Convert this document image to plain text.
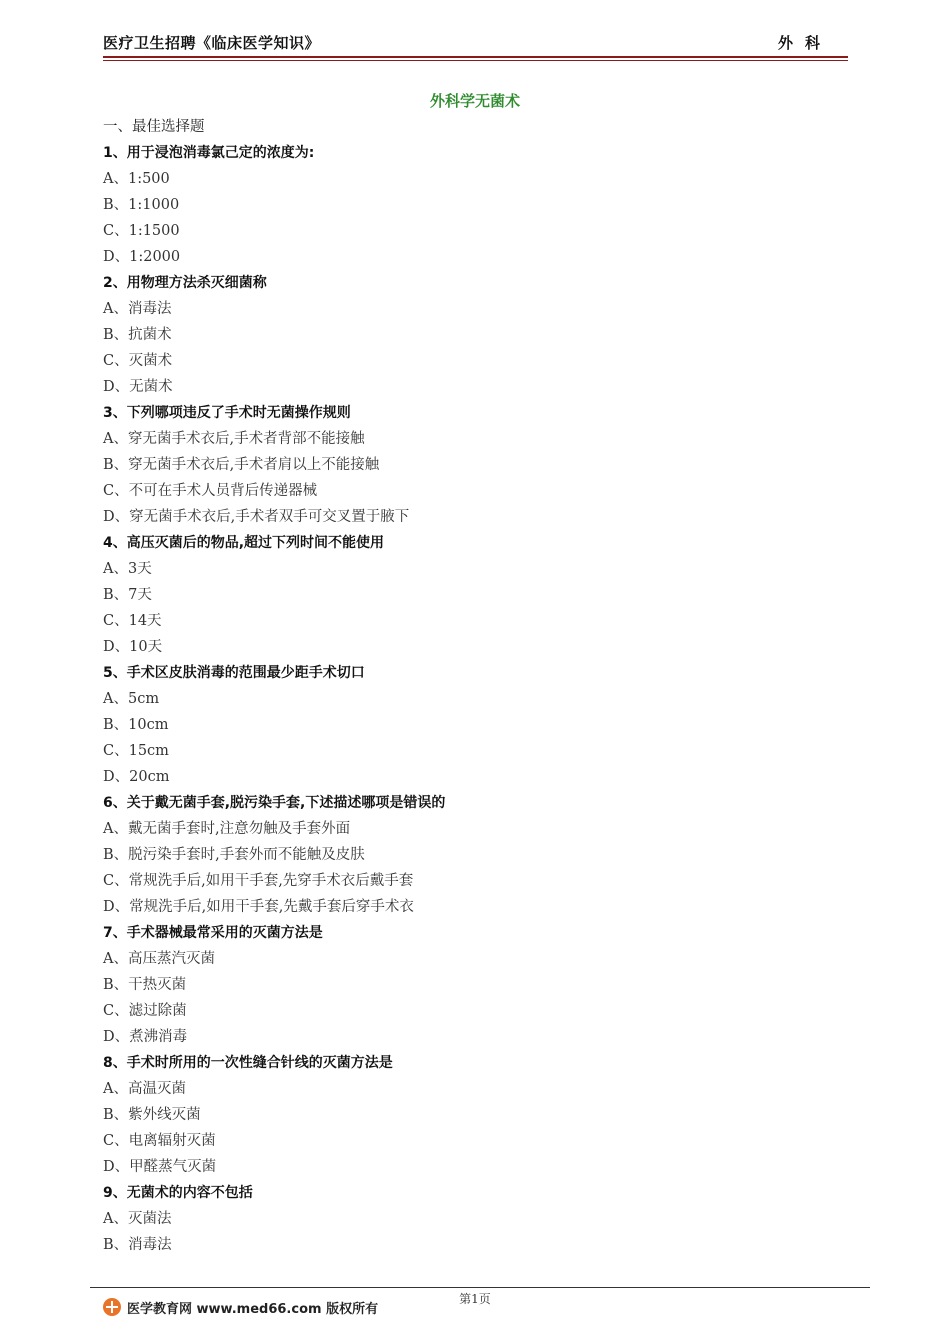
医疗卫生招聘《临床医学知识》	外科
外科学无菌术
一、最佳选择题
1、用于浸泡消毒氯己定的浓度为:
A、1:500
B、1:1000
C、1:1500
D、1:2000
2、用物理方法杀灭细菌称
A、消毒法
B、抗菌术
C、灭菌术
D、无菌术
3、下列哪项违反了手术时无菌操作规则
A、穿无菌手术衣后,手术者背部不能接触
B、穿无菌手术衣后,手术者肩以上不能接触
C、不可在手术人员背后传递器械
D、穿无菌手术衣后,手术者双手可交叉置于腋下
4、高压灭菌后的物品,超过下列时间不能使用
A、3天
B、7天
C、14天
D、10天
5、手术区皮肤消毒的范围最少距手术切口
A、5cm
B、10cm
C、15cm
D、20cm
6、关于戴无菌手套,脱污染手套,下述描述哪项是错误的
A、戴无菌手套时,注意勿触及手套外面
B、脱污染手套时,手套外而不能触及皮肤
C、常规洗手后,如用干手套,先穿手术衣后戴手套
D、常规洗手后,如用干手套,先戴手套后穿手术衣
7、手术器械最常采用的灭菌方法是
A、高压蒸汽灭菌
B、干热灭菌
C、滤过除菌
D、煮沸消毒
8、手术时所用的一次性缝合针线的灭菌方法是
A、高温灭菌
B、紫外线灭菌
C、电离辐射灭菌
D、甲醛蒸气灭菌
9、无菌术的内容不包括
A、灭菌法
B、消毒法
第1页
医学教育网 www.med66.com 版权所有
